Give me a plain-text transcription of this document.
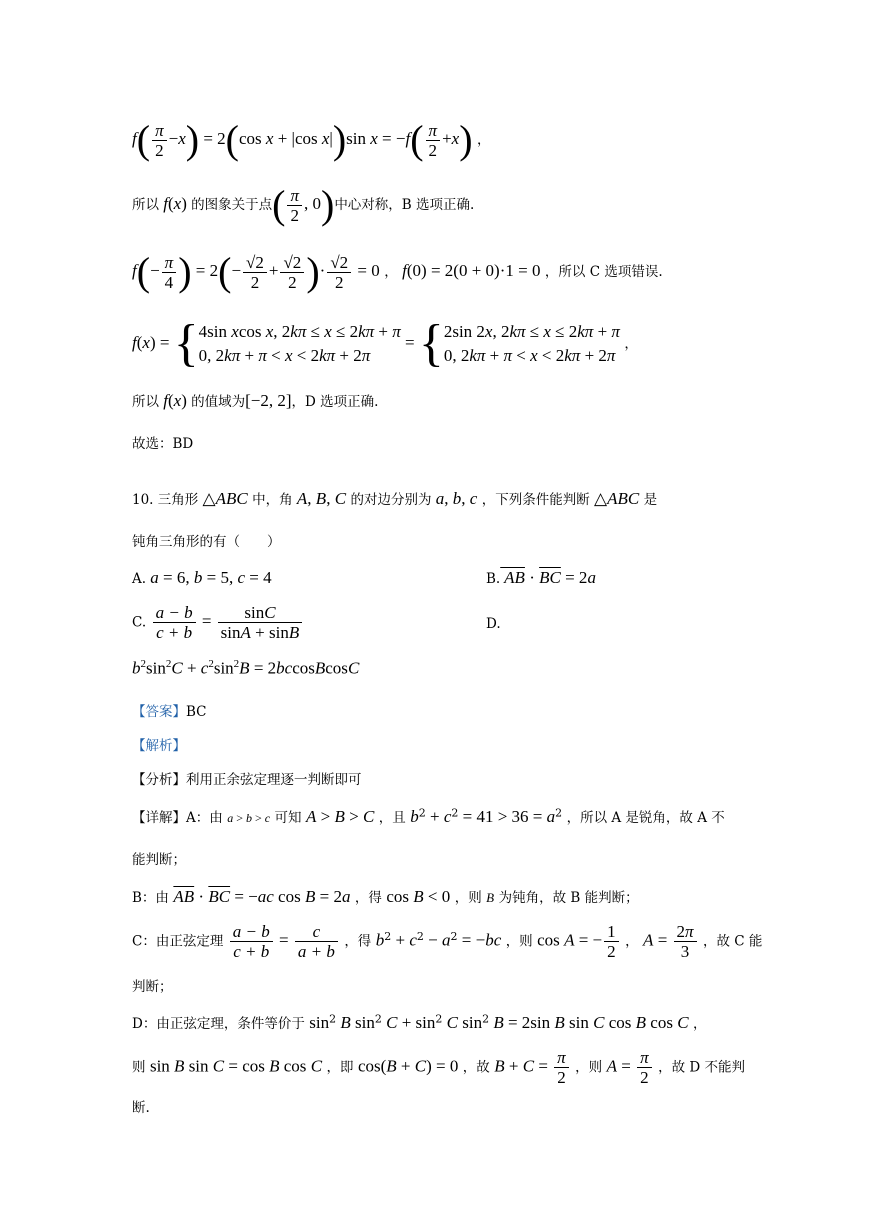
$f( \frac{\pi}{2} -x) = 2(\cos$ x + |cos x|)sin $x = -f( \frac{\pi}{2} +x)$ ，
所以 f(x) 的图象关于点( $\frac{\pi}{2}$ , 0)中心对称，B 选项正确.
$f(- \frac{\pi}{4}$ ) = $2(- \frac{√2}{2} + \frac{√2}{2}$ )· $\frac{√2}{2} = 0$ ， f(0) = 2(0 + 0)·1 = 0 ，所以 C 选项错误.
f(x) = { 4sin xcos x, 2kπ ≤ x ≤ 2kπ + π
0, 2kπ + π < x < 2kπ + 2π
= { 2sin 2x, 2kπ ≤ x ≤ 2kπ + π
0, 2kπ + π < x < 2kπ + 2π
，
所以 f(x) 的值域为[−2, 2]，D 选项正确.
故选：BD
10. 三角形 △ABC 中，角 A, B, C 的对边分别为 a, b, c ，下列条件能判断 △ABC 是
钝角三角形的有（　　）
A. a = 6, b = 5, c = 4	B. AB · $\overline{BC} = 2a$
C. $\frac{a - b}{c + b} = \frac{\sin C}{\sin A + \sin B}$	D.
$b^2\sin^2C + c^2\sin^2B$ = 2bccosBcosC
【答案】BC
【解析】
【分析】利用正余弦定理逐一判断即可
【详解】A：由 a > b > c 可知 A > B > C ，且 $b^2 + c^2 = 41 > 36 = a^2$ ，所以 A 是锐角，故 A 不
能判断；
B：由 $\overline{AB} \cdot \overline{BC} = -ac$ cos B = 2a ，得 cos B < 0 ，则 B 为钝角，故 B 能判断；
C：由正弦定理 $\frac{a - b}{c + b} = \frac{c}{a + b}$ ，得 $b^2 + c^2 - a^2 = -bc$ ，则 cos A = − $\frac{1}{2}$ ， $A = \frac{2\pi}{3}$ ，故 C 能
判断；
D：由正弦定理，条件等价于 $\sin^2 B$ $\sin^2 C + \sin^2 C$ $\sin^2 B = 2\sin$ B sin C cos B cos C ，
则 sin B sin C = cos B cos C ，即 cos(B + C) = 0 ，故 $B + C = \frac{\pi}{2}$ ，则 $A = \frac{\pi}{2}$ ，故 D 不能判
断.
